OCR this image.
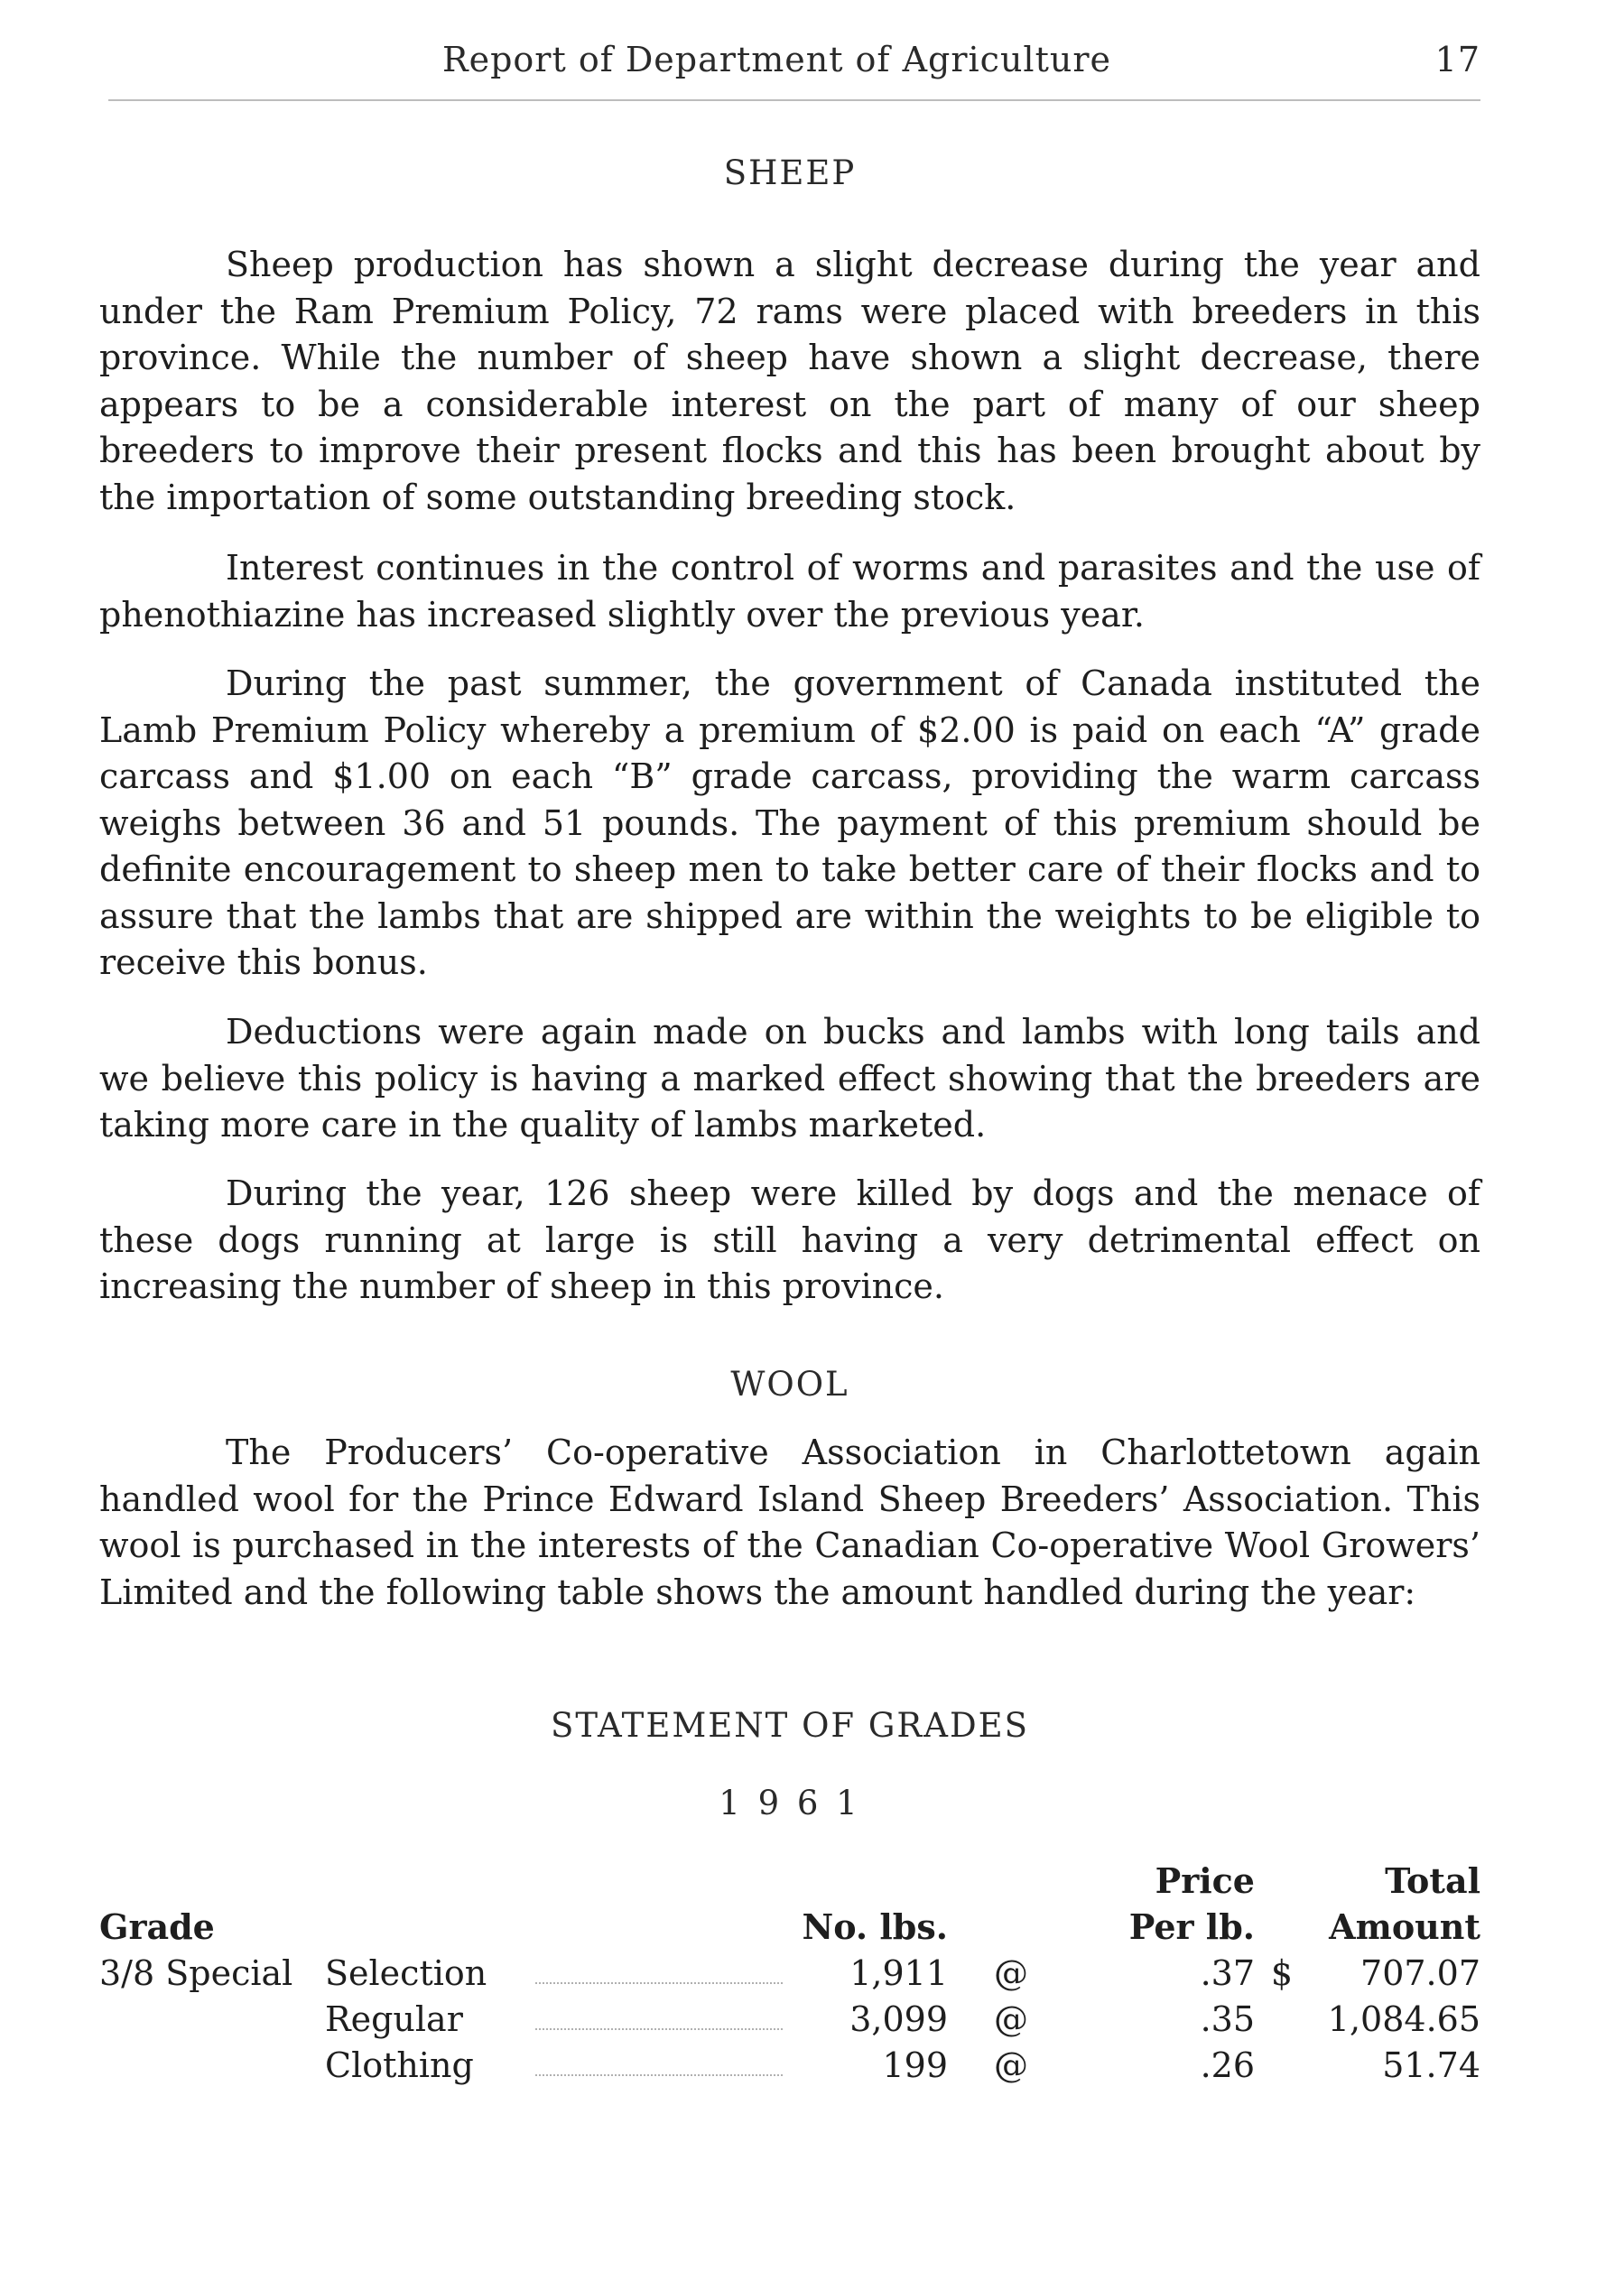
Report of Department of Agriculture	17
SHEEP

Sheep production has shown a slight decrease during the year and under the Ram Premium Policy, 72 rams were placed with breeders in this province. While the number of sheep have shown a slight decrease, there appears to be a considerable interest on the part of many of our sheep breeders to improve their present flocks and this has been brought about by the importation of some outstanding breeding stock.

Interest continues in the control of worms and parasites and the use of phenothiazine has increased slightly over the previous year.

During the past summer, the government of Canada instituted the Lamb Premium Policy whereby a premium of $2.00 is paid on each “A” grade carcass and $1.00 on each “B” grade carcass, providing the warm carcass weighs between 36 and 51 pounds. The payment of this premium should be definite encouragement to sheep men to take better care of their flocks and to assure that the lambs that are shipped are within the weights to be eligible to receive this bonus.

Deductions were again made on bucks and lambs with long tails and we believe this policy is having a marked effect showing that the breeders are taking more care in the quality of lambs marketed.

During the year, 126 sheep were killed by dogs and the menace of these dogs running at large is still having a very detrimental effect on increasing the number of sheep in this province.

WOOL

The Producers’ Co-operative Association in Charlottetown again handled wool for the Prince Edward Island Sheep Breeders’ Association. This wool is purchased in the interests of the Canadian Co-operative Wool Growers’ Limited and the following table shows the amount handled during the year:

STATEMENT OF GRADES
1 9 6 1
					Price		Total
Grade			No. lbs.		Per lb.		Amount
3/8 Special	Selection		1,911	@	.37	$	707.07
	Regular		3,099	@	.35		1,084.65
	Clothing		199	@	.26		51.74
